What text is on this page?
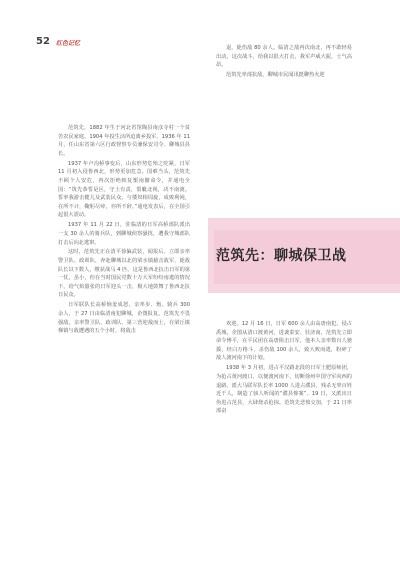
52 红色记忆

范筑先，1882 年生于河北省馆陶县南彦寺村一个贫苦农民家庭。1904 年投生活所迫离乡投军。1936 年 11 月，任山东省第六区行政督察专员兼保安司令、聊城县县长。

1937 年卢沟桥事变后，山东形势危殆之吃紧，日军 11 月初入侵鲁西北，形势更加危急。国难当头，范筑先不顾个人安危，再次拒绝韩复榘南撤命令，并通电全国：“筑先恭誓是区，守土有责，裂眦北视，决不南渡。誓率我游击健儿及武装民众，与倭奴相周旋，成败利钝，在所不计，鞠躬尽瘁，亦所不辞。”通电发表后，在全国引起很大震动。

1937 年 11 月 22 日，驻临清的日军高桥部队派出一支 30 余人的骑兵队，到聊城侦察骚扰，遭我守城部队打击后向北逃窜。

这时，范筑先正在清平徐偏武装，闻报后，立即亲率警卫队、政训队，奔赴聊城以北的梁水镇截击敌军，毙敌队长以下数人，缴获战马 4 匹。这是鲁西北抗击日军的第一仗，虽小，但在当时国民党数十万大军纷纷南逃的情况下，给气焰嚣张的日军迎头一击，极大地鼓舞了鲁西北抗日民众。

日军联队长高桥恼羞成怒，亲率步、炮、骑兵 300 余人，于 27 日由临清南犯聊城，企图报复。范筑先不畏强敌，亲率警卫队、政训队、第三营迎敌而上，在梁丘镇梯镇与敌遭遇的五个小时，将敌击

退，毙伤敌 80 余人。临清之敌再次南北，再不敢轻易出动。这次战斗，给我以很大打击，我军声威大振，士气高昂。

范筑先率部抗敌，聊城市民闻讯挺聊热火迎

范筑先：聊城保卫战

欢迎。12 月 16 日，日军 600 余人由高唐南犯，侵占禹城，企图从清口渡黄河，进袭泰安、驻济南。范筑先立即命令傅平，在平民团在高唐阻击日军，他本人亲率数百人驰援，经白万格斗，杀伤敌 100 余人，致大败而逃，粉碎了敌人渡河南下的计划。

1938 年 3 月初，进占平汉路北段的日军土肥原师团，为抢占黄河渡口，以便渡河南下，切断徐州中国守军向西的退路，派大马联军队长率 1000 人进占濮县，残杀无辜百姓近千人，制造了骇人听闻的“濮县惨案”。19 日，又派出日伪进占范县，大肆烧杀抢掠。范筑先悲愤交加，于 21 日率部奋
